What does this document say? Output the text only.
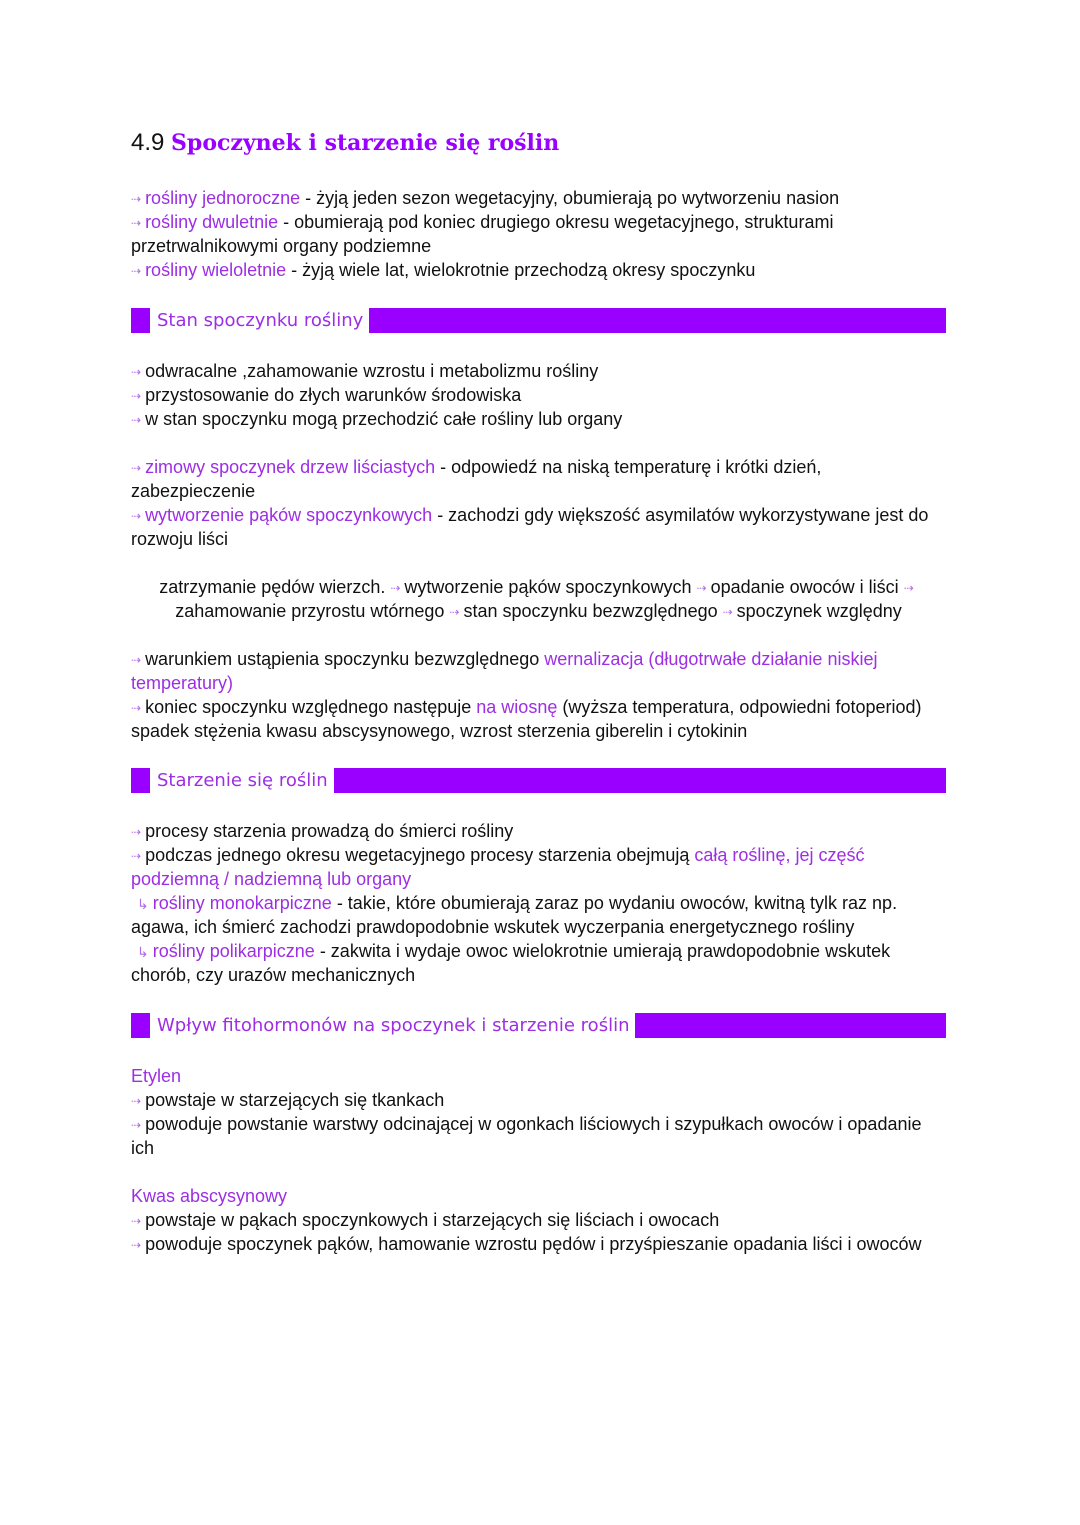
4.9 Spoczynek i starzenie się roślin
⇢ rośliny jednoroczne - żyją jeden sezon wegetacyjny, obumierają po wytworzeniu nasion
⇢ rośliny dwuletnie - obumierają pod koniec drugiego okresu wegetacyjnego, strukturami
przetrwalnikowymi organy podziemne
⇢ rośliny wieloletnie - żyją wiele lat, wielokrotnie przechodzą okresy spoczynku
Stan spoczynku rośliny
⇢ odwracalne ,zahamowanie wzrostu i metabolizmu rośliny
⇢ przystosowanie do złych warunków środowiska
⇢ w stan spoczynku mogą przechodzić całe rośliny lub organy
⇢ zimowy spoczynek drzew liściastych - odpowiedź na niską temperaturę i krótki dzień,
zabezpieczenie
⇢ wytworzenie pąków spoczynkowych - zachodzi gdy większość asymilatów wykorzystywane jest do
rozwoju liści
zatrzymanie pędów wierzch. ⇢ wytworzenie pąków spoczynkowych ⇢ opadanie owoców i liści ⇢
zahamowanie przyrostu wtórnego ⇢ stan spoczynku bezwzględnego ⇢ spoczynek względny
⇢ warunkiem ustąpienia spoczynku bezwzględnego wernalizacja (długotrwałe działanie niskiej
temperatury)
⇢ koniec spoczynku względnego następuje na wiosnę (wyższa temperatura, odpowiedni fotoperiod)
spadek stężenia kwasu abscysynowego, wzrost sterzenia giberelin i cytokinin
Starzenie się roślin
⇢ procesy starzenia prowadzą do śmierci rośliny
⇢ podczas jednego okresu wegetacyjnego procesy starzenia obejmują całą roślinę, jej część
podziemną / nadziemną lub organy
↳ rośliny monokarpiczne - takie, które obumierają zaraz po wydaniu owoców, kwitną tylk raz np.
agawa, ich śmierć zachodzi prawdopodobnie wskutek wyczerpania energetycznego rośliny
↳ rośliny polikarpiczne - zakwita i wydaje owoc wielokrotnie umierają prawdopodobnie wskutek
chorób, czy urazów mechanicznych
Wpływ fitohormonów na spoczynek i starzenie roślin
Etylen
⇢ powstaje w starzejących się tkankach
⇢ powoduje powstanie warstwy odcinającej w ogonkach liściowych i szypułkach owoców i opadanie
ich
Kwas abscysynowy
⇢ powstaje w pąkach spoczynkowych i starzejących się liściach i owocach
⇢ powoduje spoczynek pąków, hamowanie wzrostu pędów i przyśpieszanie opadania liści i owoców
